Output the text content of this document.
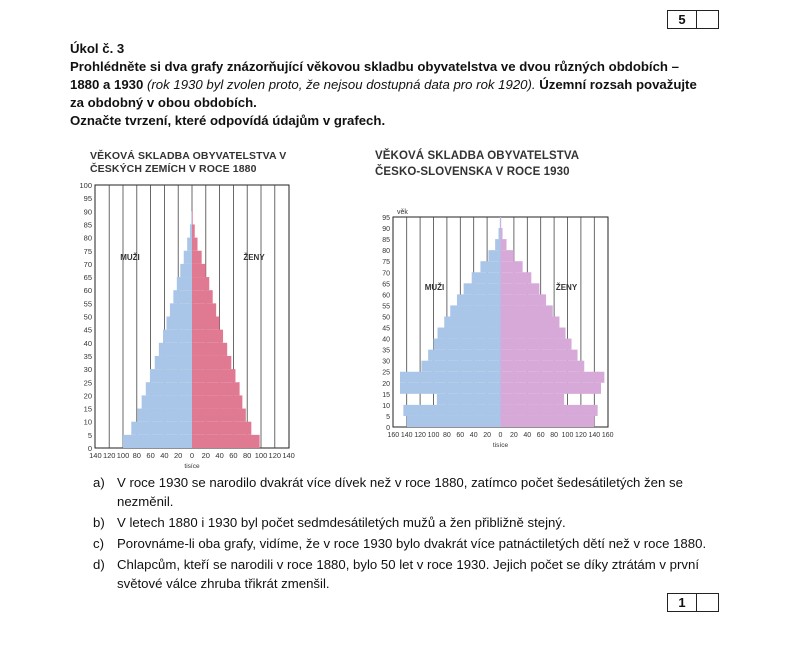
5
Úkol č. 3
Prohlédněte si dva grafy znázorňující věkovou skladbu obyvatelstva ve dvou různých obdobích – 1880 a 1930 (rok 1930 byl zvolen proto, že nejsou dostupná data pro rok 1920). Územní rozsah považujte za obdobný v obou obdobích.
Označte tvrzení, které odpovídá údajům v grafech.
VĚKOVÁ SKLADBA OBYVATELSTVA V ČESKÝCH ZEMÍCH V ROCE 1880
VĚKOVÁ SKLADBA OBYVATELSTVA ČESKO-SLOVENSKA V ROCE 1930
0
5
10
15
20
25
30
35
40
45
50
55
60
65
70
75
80
85
90
95
100
140 120 100 80 60 40 20 0 20 40 60 80 100 120 140
MUŽI	ŽENY
tisíce
0
5
10
15
20
25
30
35
40
45
50
55
60
65
70
75
80
85
90
95
160 140 120 100 80 60 40 20 0 20 40 60 80 100 120 140 160
MUŽI	ŽENY
tisíce
věk
a) V roce 1930 se narodilo dvakrát více dívek než v roce 1880, zatímco počet šedesátiletých žen se nezměnil.
b) V letech 1880 i 1930 byl počet sedmdesátiletých mužů a žen přibližně stejný.
c) Porovnáme-li oba grafy, vidíme, že v roce 1930 bylo dvakrát více patnáctiletých dětí než v roce 1880.
d) Chlapcům, kteří se narodili v roce 1880, bylo 50 let v roce 1930. Jejich počet se díky ztrátám v první světové válce zhruba třikrát zmenšil.
1
